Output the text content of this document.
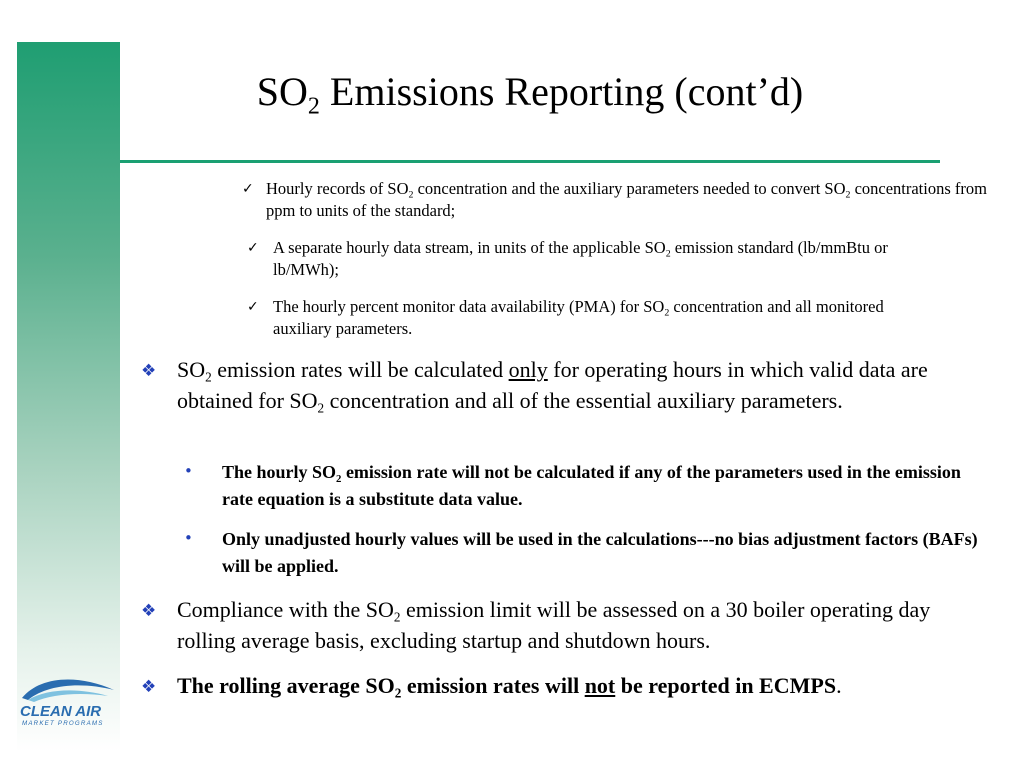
$SO_2$ Emissions Reporting (cont’d)
✓ Hourly records of $SO_2$ concentration and the auxiliary parameters needed to convert $SO_2$ concentrations from ppm to units of the standard;
✓ A separate hourly data stream, in units of the applicable $SO_2$ emission standard (lb/mmBtu or lb/MWh);
✓ The hourly percent monitor data availability (PMA) for $SO_2$ concentration and all monitored auxiliary parameters.
❖ $SO_2$ emission rates will be calculated only for operating hours in which valid data are obtained for $SO_2$ concentration and all of the essential auxiliary parameters.
• The hourly $SO_2$ emission rate will not be calculated if any of the parameters used in the emission rate equation is a substitute data value.
• Only unadjusted hourly values will be used in the calculations---no bias adjustment factors (BAFs) will be applied.
❖ Compliance with the $SO_2$ emission limit will be assessed on a 30 boiler operating day rolling average basis, excluding startup and shutdown hours.
❖ The rolling average $SO_2$ emission rates will not be reported in ECMPS.
CLEAN AIR
MARKET PROGRAMS
